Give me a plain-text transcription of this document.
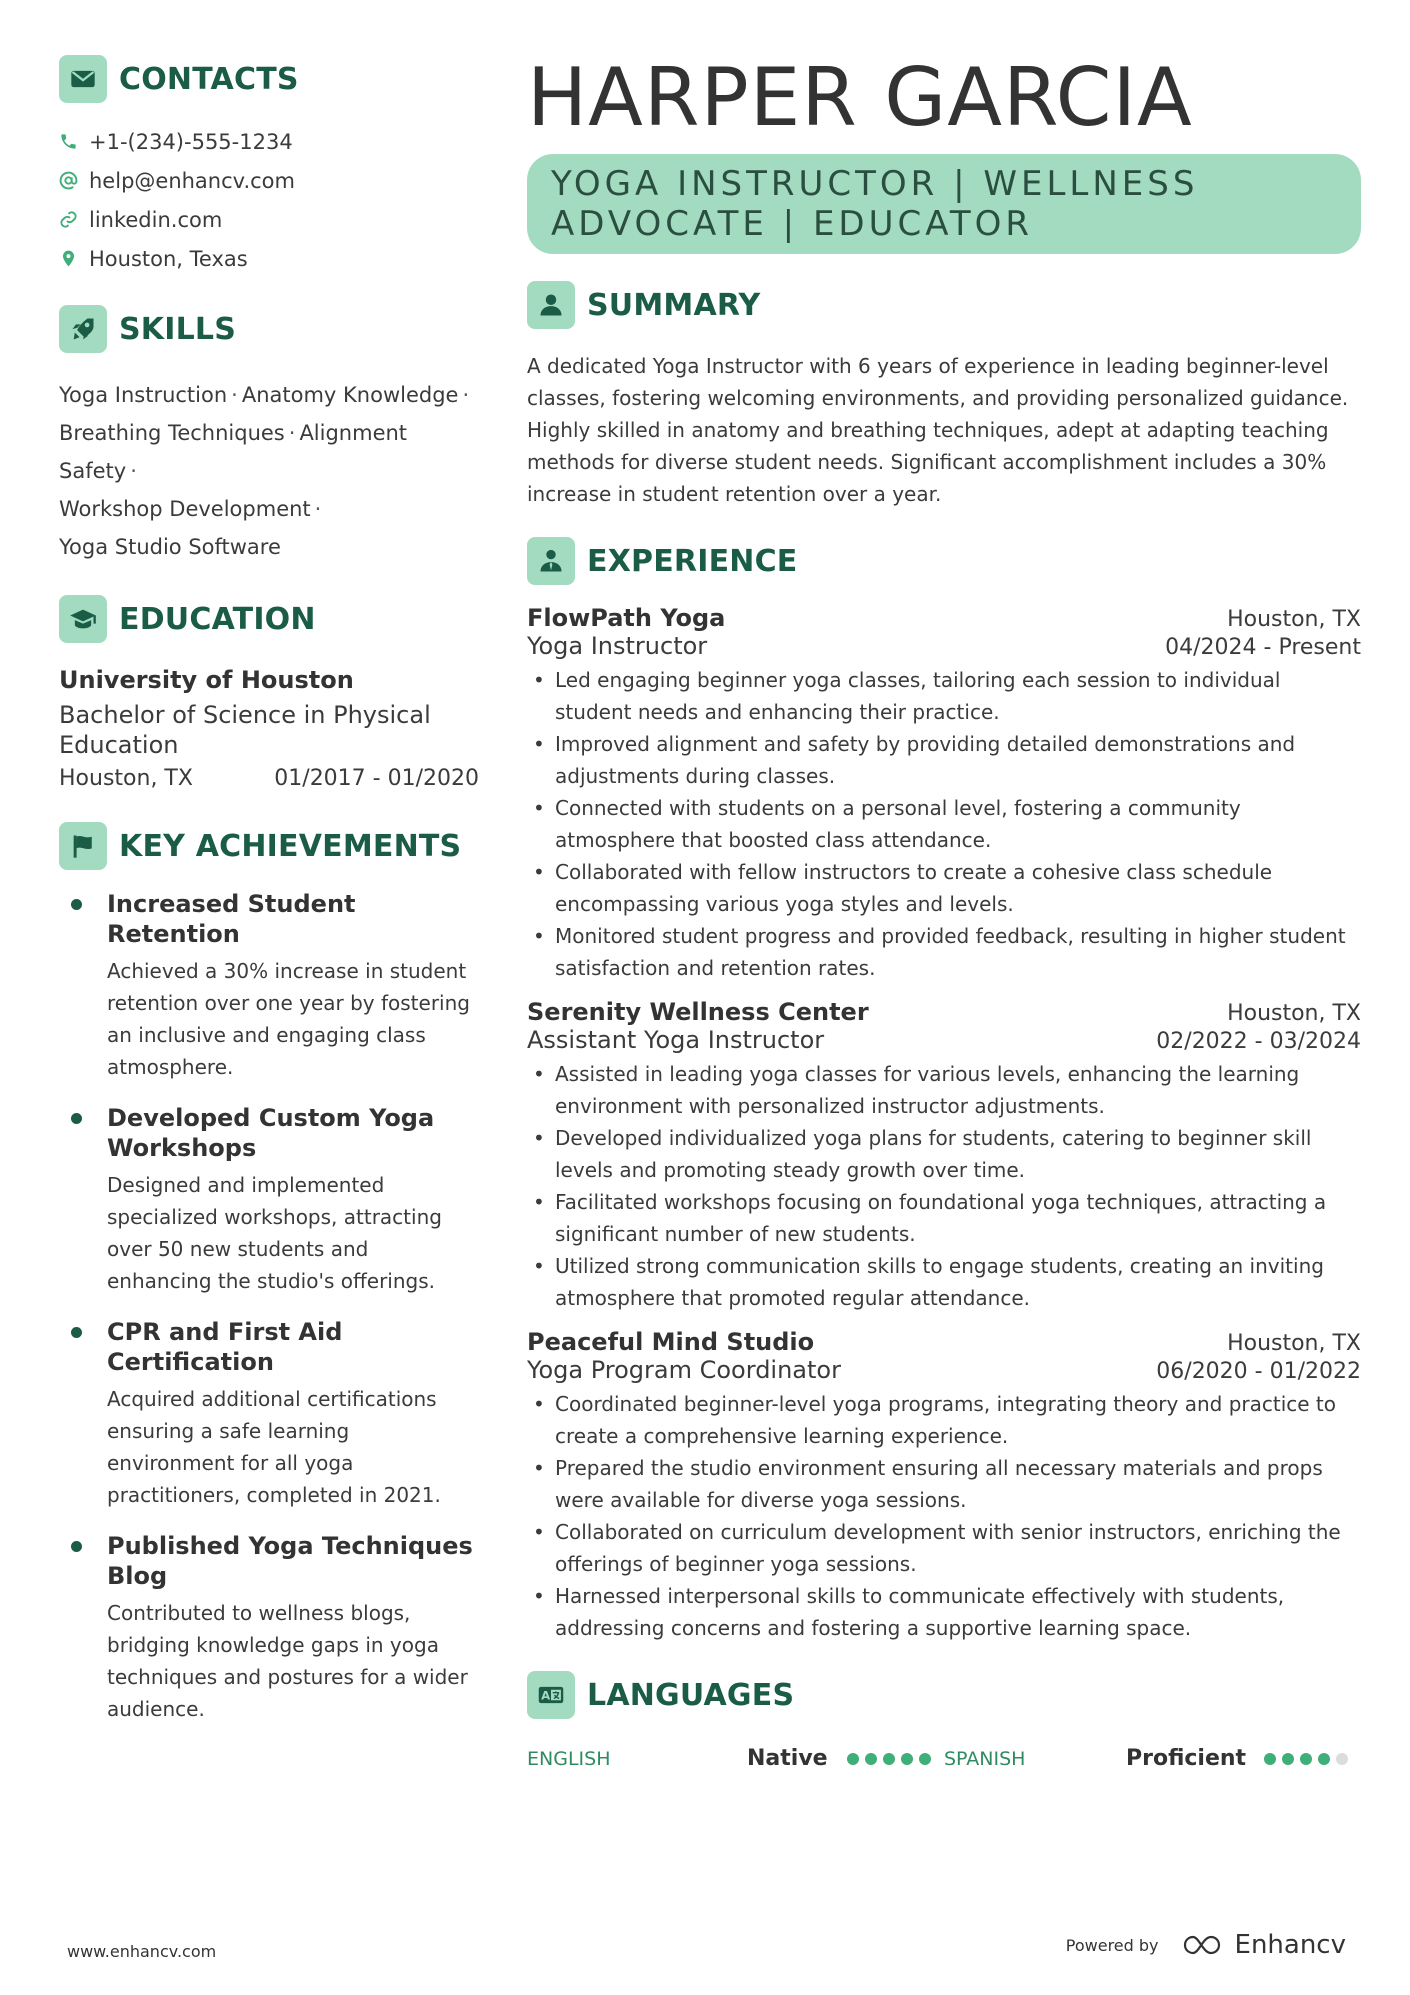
CONTACTS
+1-(234)-555-1234
help@enhancv.com
linkedin.com
Houston, Texas
SKILLS
Yoga Instruction · Anatomy Knowledge ·
Breathing Techniques · Alignment Safety ·
Workshop Development ·
Yoga Studio Software
EDUCATION
University of Houston
Bachelor of Science in Physical Education
Houston, TX	01/2017 - 01/2020
KEY ACHIEVEMENTS
Increased Student Retention
Achieved a 30% increase in student retention over one year by fostering an inclusive and engaging class atmosphere.
Developed Custom Yoga Workshops
Designed and implemented specialized workshops, attracting over 50 new students and enhancing the studio's offerings.
CPR and First Aid Certification
Acquired additional certifications ensuring a safe learning environment for all yoga practitioners, completed in 2021.
Published Yoga Techniques Blog
Contributed to wellness blogs, bridging knowledge gaps in yoga techniques and postures for a wider audience.
HARPER GARCIA
YOGA INSTRUCTOR | WELLNESS
ADVOCATE | EDUCATOR
SUMMARY
A dedicated Yoga Instructor with 6 years of experience in leading beginner-level classes, fostering welcoming environments, and providing personalized guidance. Highly skilled in anatomy and breathing techniques, adept at adapting teaching methods for diverse student needs. Significant accomplishment includes a 30% increase in student retention over a year.
EXPERIENCE
FlowPath Yoga	Houston, TX
Yoga Instructor	04/2024 - Present
• Led engaging beginner yoga classes, tailoring each session to individual student needs and enhancing their practice.
• Improved alignment and safety by providing detailed demonstrations and adjustments during classes.
• Connected with students on a personal level, fostering a community atmosphere that boosted class attendance.
• Collaborated with fellow instructors to create a cohesive class schedule encompassing various yoga styles and levels.
• Monitored student progress and provided feedback, resulting in higher student satisfaction and retention rates.
Serenity Wellness Center	Houston, TX
Assistant Yoga Instructor	02/2022 - 03/2024
• Assisted in leading yoga classes for various levels, enhancing the learning environment with personalized instructor adjustments.
• Developed individualized yoga plans for students, catering to beginner skill levels and promoting steady growth over time.
• Facilitated workshops focusing on foundational yoga techniques, attracting a significant number of new students.
• Utilized strong communication skills to engage students, creating an inviting atmosphere that promoted regular attendance.
Peaceful Mind Studio	Houston, TX
Yoga Program Coordinator	06/2020 - 01/2022
• Coordinated beginner-level yoga programs, integrating theory and practice to create a comprehensive learning experience.
• Prepared the studio environment ensuring all necessary materials and props were available for diverse yoga sessions.
• Collaborated on curriculum development with senior instructors, enriching the offerings of beginner yoga sessions.
• Harnessed interpersonal skills to communicate effectively with students, addressing concerns and fostering a supportive learning space.
A LANGUAGES
ENGLISH	Native	SPANISH	Proficient
www.enhancv.com	Powered by	Enhancv
